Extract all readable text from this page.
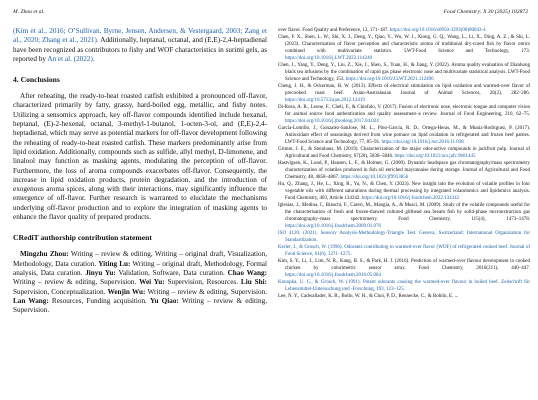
M. Zhou et al.	Food Chemistry: X 30 (2025) 102872

(Kim et al., 2016; O’Sullivan, Byrne, Jensen, Andersen, & Vestergaard, 2003; Zang et al., 2020; Zhang et al., 2021). Additionally, heptanal, octanal, and (E,E)-2,4-heptadienal have been recognized as contributors to fishy and WOF characteristics in surimi gels, as reported by An et al. (2022).

4. Conclusions

After reheating, the ready-to-heat roasted catfish exhibited a pronounced off-flavor, characterized primarily by fatty, grassy, hard-boiled egg, metallic, and fishy notes. Utilizing a sensomics approach, key off-flavor compounds identified include hexanal, heptanal, (E)-2-hexenal, octanal, 3-methyl-1-butanol, 1-octen-3-ol, and (E,E)-2,4-heptadienal, which may serve as potential markers for off-flavor development following the reheating of ready-to-heat roasted catfish. These markers predominantly arise from lipid oxidation. Additionally, compounds such as sulfide, allyl methyl, D-limonene, and linalool may function as masking agents, modulating the perception of off-flavor. Furthermore, the loss of aroma compounds exacerbates off-flavor. Consequently, the increase in lipid oxidation products, protein degradation, and the introduction of exogenous aroma spices, along with their interactions, may significantly influence the emergence of off-flavor. Further research is warranted to elucidate the mechanisms underlying off-flavor production and to explore the integration of masking agents to enhance the flavor quality of prepared products.

CRediT authorship contribution statement

Mingzhu Zhou: Writing – review & editing, Writing – original draft, Visualization, Methodology, Data curation. Yiting Lu: Writing – original draft, Methodology, Formal analysis, Data curation. Jinyu Yu: Validation, Software, Data curation. Chao Wang: Writing – review & editing, Supervision. Wei Yu: Supervision, Resources. Liu Shi: Supervision, Conceptualization. Wenjin Wu: Writing – review & editing, Supervision. Lan Wang: Resources, Funding acquisition. Yu Qiao: Writing – review & editing, Supervision.

over flavor. Food Quality and Preference, 12, 171–187. https://doi.org/10.1016/s0950-3293(00)00043-4

Chen, F. X., Shen, L. W., Shi, X. J., Deng, Y., Qiao, Y., Wu, W. J., Xiong, G. Q., Wang, L., Li, X., Ding, A. Z., & Shi, L. (2023). Characterization of flavor perception and characteristic aroma of traditional dry-cured fish by flavor omics combined with multivariate statistics. LWT-Food Science and Technology, 173. https://doi.org/10.1016/j.LWT.2022.114240

Chen, J., Yang, Y., Deng, Y., Liu, Z., Xie, J., Shen, S., Yuan, H., & Jiang, Y. (2022). Aroma quality evaluation of Dianhong black tea infusions by the combination of rapid gas phase electronic nose and multivariate statistical analysis. LWT-Food Science and Technology, 153. https://doi.org/10.1016/J.LWT.2021.112496

Cheng, J. H., & Ockerman, H. W. (2013). Effects of electrical stimulation on lipid oxidation and warmed-over flavor of precooked roast beef. Asian-Australasian Journal of Animal Sciences, 26(2), 282–286. https://doi.org/10.5713/ajas.2012.12419

Di-Rosa, A. R., Leone, F., Cheli, F., & Chiofalo, V. (2017). Fusion of electronic nose, electronic tongue and computer vision for animal source food authentication and quality assessment–a review. Journal of Food Engineering, 210, 62–75. https://doi.org/10.1016/j.jfoodeng.2017.04.024

García-Lomillo, J., Gonzalez-SanJose, M. L., Pino-García, R. D., Ortega-Heras, M., & Muniz-Rodriguez, P. (2017). Antioxidant effect of seasonings derived from wine pomace on lipid oxidation in refrigerated and frozen beef patties. LWT-Food Science and Technology, 77, 85–91. https://doi.org/10.1016/j.lwt.2016.11.038

Grimm, J. E., & Steinhaus, M. (2019). Characterization of the major odor-active compounds in jackfruit pulp. Journal of Agricultural and Food Chemistry, 67(20), 5838–5846. https://doi.org/10.1021/acs.jafc.9b01445

Hastvigsen, K., Lund, P., Hansen, L. F., & Holmer, G. (2000). Dynamic headspace gas chromatography/mass spectrometry characterization of volatiles produced in fish oil enriched mayonnaise during storage. Journal of Agricultural and Food Chemistry, 48, 4858–4867. https://doi.org/10.1021/jf991385b

Hu, Q., Zhang, J., He, L., Xing, R., Yu, N., & Chen, Y. (2023). New insight into the evolution of volatile profiles in four vegetable oils with different saturations during thermal processing by integrated volatolomics and lipidomics analysis. Food Chemistry, 403, Article 134342. https://doi.org/10.1016/j.foodchem.2022.134342

Iglesias, J., Medina, I., Bianchi, F., Careri, M., Mangia, A., & Musci, M. (2009). Study of the volatile compounds useful for the characterisation of fresh and frozen-thawed cultured gilthead sea bream fish by solid-phase microextraction gas chromatography–mass spectrometry. Food Chemistry, 115(4), 1473–1478. https://doi.org/10.1016/j.foodchem.2009.01.076

ISO 4120. (2021). Sensory Analysis-Methodology-Triangle Test. Geneva, Switzerland: International Organization for Standardization.

Kerler, J., & Grosch, W. (1996). Odorants contributing to warmed-over flavor (WOF) of refrigerated cooked beef. Journal of Food Science, 61(6), 1271–1275.

Kim, S. Y., Li, J., Lim, N. R., Kang, B. S., & Park, H. J. (2016). Prediction of warmed-over flavour development in cooked chicken by colorimetric sensor array. Food Chemistry, 2016(211), 440–447. https://doi.org/10.1016/j.foodchem.2016.05.084

Konopka, U. C., & Grosch, W. (1991). Potent odorants causing the warmed-over flavour in boiled beef. Zeitschrift für Lebensmittel-Untersuchung und -Forschung, 193, 123–125.

Lee, N. Y., Cadwallader, K. R., Bolin, W. H., & Choi, P. D., Rennecke, C., & Bohlin, E. ...
